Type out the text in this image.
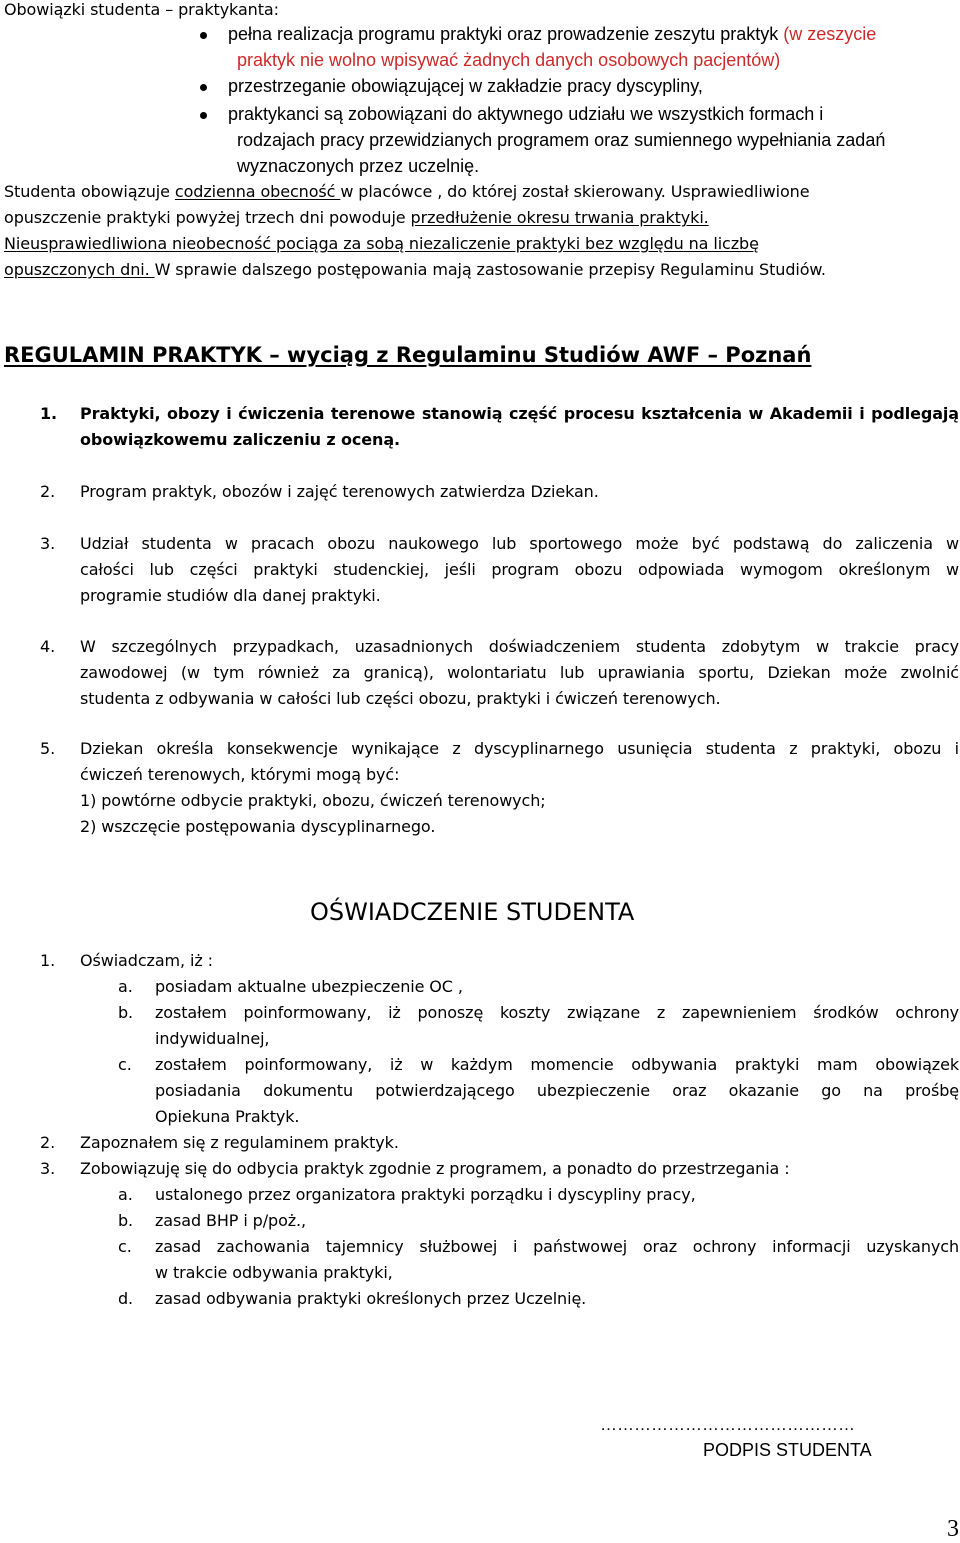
Obowiązki studenta – praktykanta:
pełna realizacja programu praktyki oraz prowadzenie zeszytu praktyk (w zeszycie
praktyk nie wolno wpisywać żadnych danych osobowych pacjentów)
przestrzeganie obowiązującej w zakładzie pracy dyscypliny,
praktykanci są zobowiązani do aktywnego udziału we wszystkich formach i
rodzajach pracy przewidzianych programem oraz sumiennego wypełniania zadań
wyznaczonych przez uczelnię.
Studenta obowiązuje codzienna obecność w placówce , do której został skierowany. Usprawiedliwione
opuszczenie praktyki powyżej trzech dni powoduje przedłużenie okresu trwania praktyki.
Nieusprawiedliwiona nieobecność pociąga za sobą niezaliczenie praktyki bez względu na liczbę
opuszczonych dni. W sprawie dalszego postępowania mają zastosowanie przepisy Regulaminu Studiów.
REGULAMIN PRAKTYK – wyciąg z Regulaminu Studiów AWF – Poznań
1. Praktyki, obozy i ćwiczenia terenowe stanowią część procesu kształcenia w Akademii i podlegają
obowiązkowemu zaliczeniu z oceną.
2. Program praktyk, obozów i zajęć terenowych zatwierdza Dziekan.
3. Udział studenta w pracach obozu naukowego lub sportowego może być podstawą do zaliczenia w
całości lub części praktyki studenckiej, jeśli program obozu odpowiada wymogom określonym w
programie studiów dla danej praktyki.
4. W szczególnych przypadkach, uzasadnionych doświadczeniem studenta zdobytym w trakcie pracy
zawodowej (w tym również za granicą), wolontariatu lub uprawiania sportu, Dziekan może zwolnić
studenta z odbywania w całości lub części obozu, praktyki i ćwiczeń terenowych.
5. Dziekan określa konsekwencje wynikające z dyscyplinarnego usunięcia studenta z praktyki, obozu i
ćwiczeń terenowych, którymi mogą być:
1) powtórne odbycie praktyki, obozu, ćwiczeń terenowych;
2) wszczęcie postępowania dyscyplinarnego.
OŚWIADCZENIE STUDENTA
1. Oświadczam, iż :
a. posiadam aktualne ubezpieczenie OC ,
b. zostałem poinformowany, iż ponoszę koszty związane z zapewnieniem środków ochrony
indywidualnej,
c. zostałem poinformowany, iż w każdym momencie odbywania praktyki mam obowiązek
posiadania dokumentu potwierdzającego ubezpieczenie oraz okazanie go na prośbę
Opiekuna Praktyk.
2. Zapoznałem się z regulaminem praktyk.
3. Zobowiązuję się do odbycia praktyk zgodnie z programem, a ponadto do przestrzegania :
a. ustalonego przez organizatora praktyki porządku i dyscypliny pracy,
b. zasad BHP i p/poż.,
c. zasad zachowania tajemnicy służbowej i państwowej oraz ochrony informacji uzyskanych
w trakcie odbywania praktyki,
d. zasad odbywania praktyki określonych przez Uczelnię.
………………………………………
PODPIS STUDENTA
3
